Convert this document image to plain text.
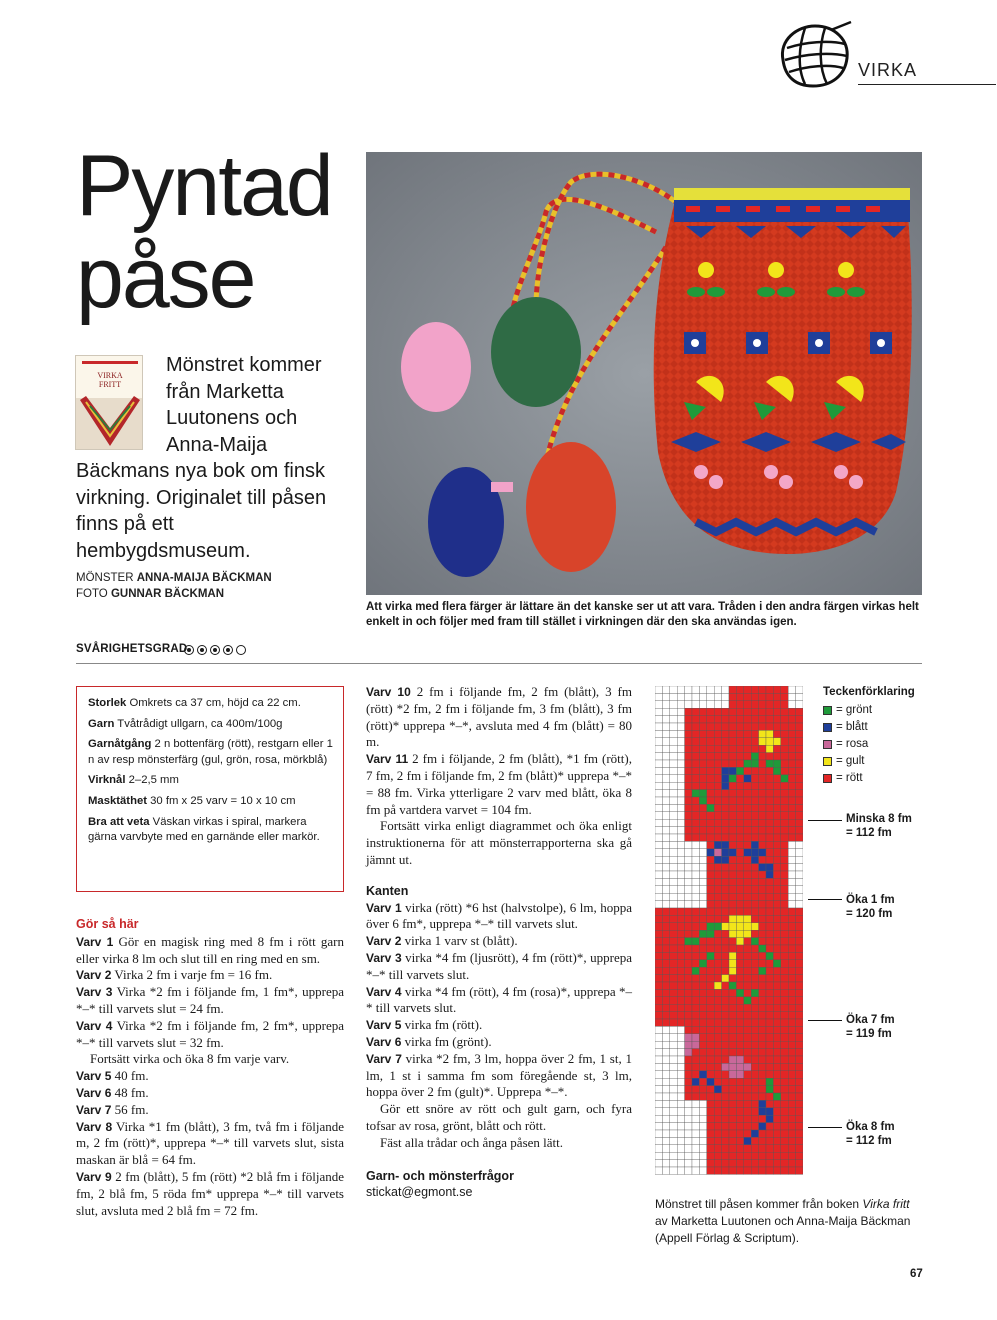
VIRKA
Pyntad
påse
VIRKA
FRITT
Mönstret kommer
från Marketta
Luutonens och
Anna-Maija
Bäckmans nya bok om finsk virkning. Originalet till påsen finns på ett hembygdsmuseum.
MÖNSTER ANNA-MAIJA BÄCKMAN
FOTO GUNNAR BÄCKMAN
Att virka med flera färger är lättare än det kanske ser ut att vara. Tråden i den andra färgen virkas helt enkelt in och följer med fram till stället i virkningen där den ska användas igen.
SVÅRIGHETSGRAD

Storlek Omkrets ca 37 cm, höjd ca 22 cm.

Garn Tvåtrådigt ullgarn, ca 400m/100g

Garnåtgång 2 n bottenfärg (rött), restgarn eller 1 n av resp mönsterfärg (gul, grön, rosa, mörkblå)

Virknål 2–2,5 mm

Masktäthet 30 fm x 25 varv = 10 x 10 cm

Bra att veta Väskan virkas i spiral, markera gärna varvbyte med en garnände eller markör.

Gör så här

Varv 1 Gör en magisk ring med 8 fm i rött garn eller virka 8 lm och slut till en ring med en sm.

Varv 2 Virka 2 fm i varje fm = 16 fm.

Varv 3 Virka *2 fm i följande fm, 1 fm*, upprepa *–* till varvets slut = 24 fm.

Varv 4 Virka *2 fm i följande fm, 2 fm*, upprepa *–* till varvets slut = 32 fm.

Fortsätt virka och öka 8 fm varje varv.

Varv 5 40 fm.

Varv 6 48 fm.

Varv 7 56 fm.

Varv 8 Virka *1 fm (blått), 3 fm, två fm i följande m, 2 fm (rött)*, upprepa *–* till varvets slut, sista maskan är blå = 64 fm.

Varv 9 2 fm (blått), 5 fm (rött) *2 blå fm i följande fm, 2 blå fm, 5 röda fm* upprepa *–* till varvets slut, avsluta med 2 blå fm = 72 fm.

Varv 10 2 fm i följande fm, 2 fm (blått), 3 fm (rött) *2 fm, 2 fm i följande fm, 3 fm (blått), 3 fm (rött)* upprepa *–*, avsluta med 4 fm (blått) = 80 m.

Varv 11 2 fm i följande, 2 fm (blått), *1 fm (rött), 7 fm, 2 fm i följande fm, 2 fm (blått)* upprepa *–* = 88 fm. Virka ytterligare 2 varv med blått, öka 8 fm på vartdera varvet = 104 fm.

Fortsätt virka enligt diagrammet och öka enligt instruktionerna för att mönsterrapporterna ska gå jämnt ut.

Kanten

Varv 1 virka (rött) *6 hst (halvstolpe), 6 lm, hoppa över 6 fm*, upprepa *–* till varvets slut.

Varv 2 virka 1 varv st (blått).

Varv 3 virka *4 fm (ljusrött), 4 fm (rött)*, upprepa *–* till varvets slut.

Varv 4 virka *4 fm (rött), 4 fm (rosa)*, upprepa *–* till varvets slut.

Varv 5 virka fm (rött).

Varv 6 virka fm (grönt).

Varv 7 virka *2 fm, 3 lm, hoppa över 2 fm, 1 st, 1 lm, 1 st i samma fm som föregående st, 3 lm, hoppa över 2 fm (gult)*. Upprepa *–*.

Gör ett snöre av rött och gult garn, och fyra tofsar av rosa, grönt, blått och rött.

Fäst alla trådar och ånga påsen lätt.

Garn- och mönsterfrågor
stickat@egmont.se
Teckenförklaring
= grönt
= blått
= rosa
= gult
= rött
Minska 8 fm
= 112 fm
Öka 1 fm
= 120 fm
Öka 7 fm
= 119 fm
Öka 8 fm
= 112 fm
Mönstret till påsen kommer från boken Virka fritt av Marketta Luutonen och Anna-Maija Bäckman (Appell Förlag & Scriptum).
67
